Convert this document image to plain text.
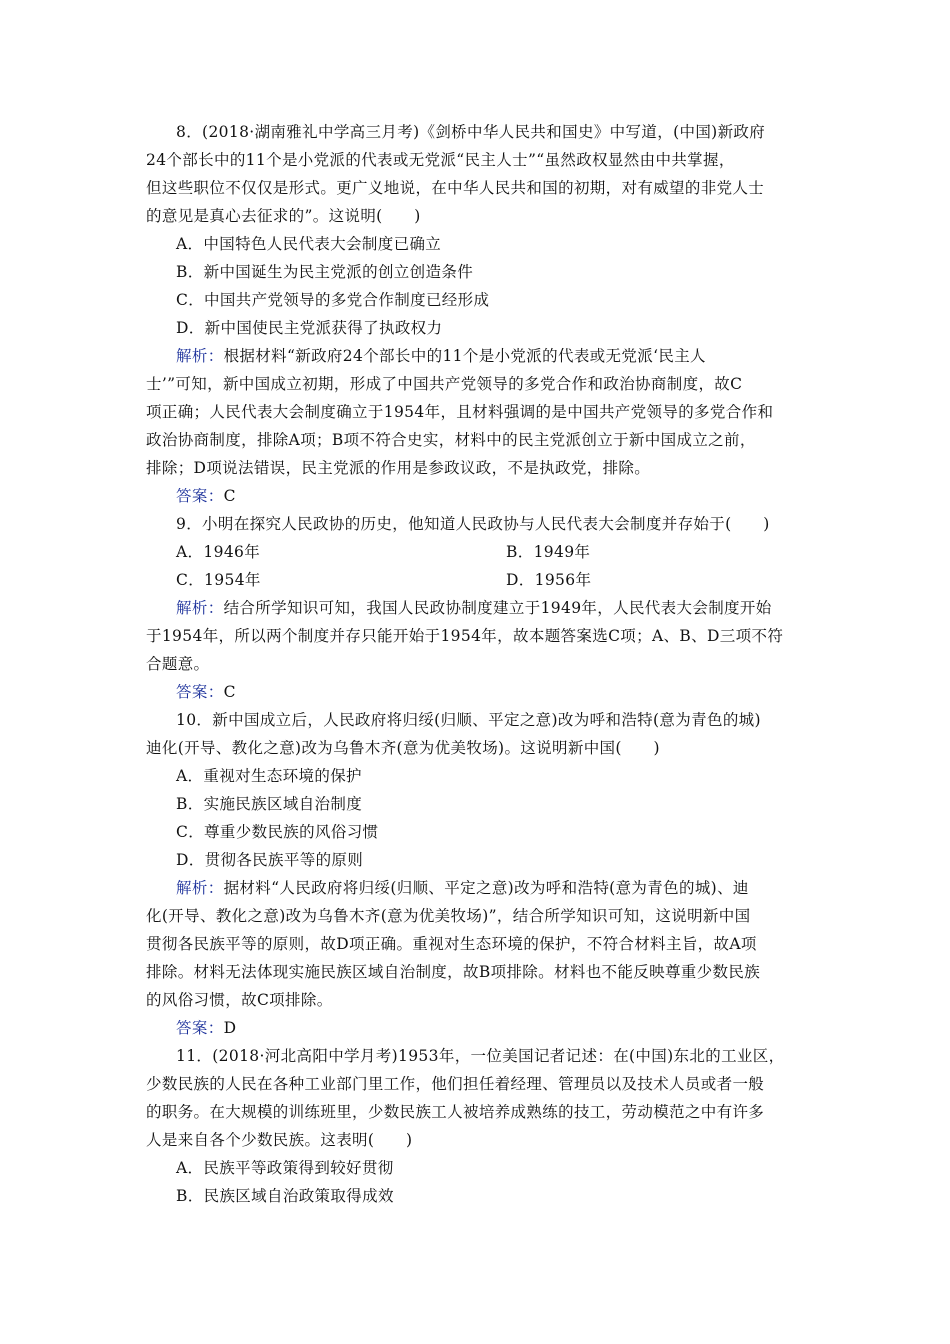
8．(2018·湖南雅礼中学高三月考)《剑桥中华人民共和国史》中写道，(中国)新政府
24个部长中的11个是小党派的代表或无党派“民主人士”“虽然政权显然由中共掌握，
但这些职位不仅仅是形式。更广义地说，在中华人民共和国的初期，对有威望的非党人士
的意见是真心去征求的”。这说明(　　)
A．中国特色人民代表大会制度已确立
B．新中国诞生为民主党派的创立创造条件
C．中国共产党领导的多党合作制度已经形成
D．新中国使民主党派获得了执政权力
解析：根据材料“新政府24个部长中的11个是小党派的代表或无党派‘民主人
士’”可知，新中国成立初期，形成了中国共产党领导的多党合作和政治协商制度，故C
项正确；人民代表大会制度确立于1954年，且材料强调的是中国共产党领导的多党合作和
政治协商制度，排除A项；B项不符合史实，材料中的民主党派创立于新中国成立之前，
排除；D项说法错误，民主党派的作用是参政议政，不是执政党，排除。
答案：C
9．小明在探究人民政协的历史，他知道人民政协与人民代表大会制度并存始于(　　)

A．1946年

	B．1949年

C．1954年

	D．1956年

解析：结合所学知识可知，我国人民政协制度建立于1949年，人民代表大会制度开始
于1954年，所以两个制度并存只能开始于1954年，故本题答案选C项；A、B、D三项不符
合题意。
答案：C
10．新中国成立后，人民政府将归绥(归顺、平定之意)改为呼和浩特(意为青色的城)
迪化(开导、教化之意)改为乌鲁木齐(意为优美牧场)。这说明新中国(　　)
A．重视对生态环境的保护
B．实施民族区域自治制度
C．尊重少数民族的风俗习惯
D．贯彻各民族平等的原则
解析：据材料“人民政府将归绥(归顺、平定之意)改为呼和浩特(意为青色的城)、迪
化(开导、教化之意)改为乌鲁木齐(意为优美牧场)”，结合所学知识可知，这说明新中国
贯彻各民族平等的原则，故D项正确。重视对生态环境的保护，不符合材料主旨，故A项
排除。材料无法体现实施民族区域自治制度，故B项排除。材料也不能反映尊重少数民族
的风俗习惯，故C项排除。
答案：D
11．(2018·河北高阳中学月考)1953年，一位美国记者记述：在(中国)东北的工业区，
少数民族的人民在各种工业部门里工作，他们担任着经理、管理员以及技术人员或者一般
的职务。在大规模的训练班里，少数民族工人被培养成熟练的技工，劳动模范之中有许多
人是来自各个少数民族。这表明(　　)
A．民族平等政策得到较好贯彻
B．民族区域自治政策取得成效
